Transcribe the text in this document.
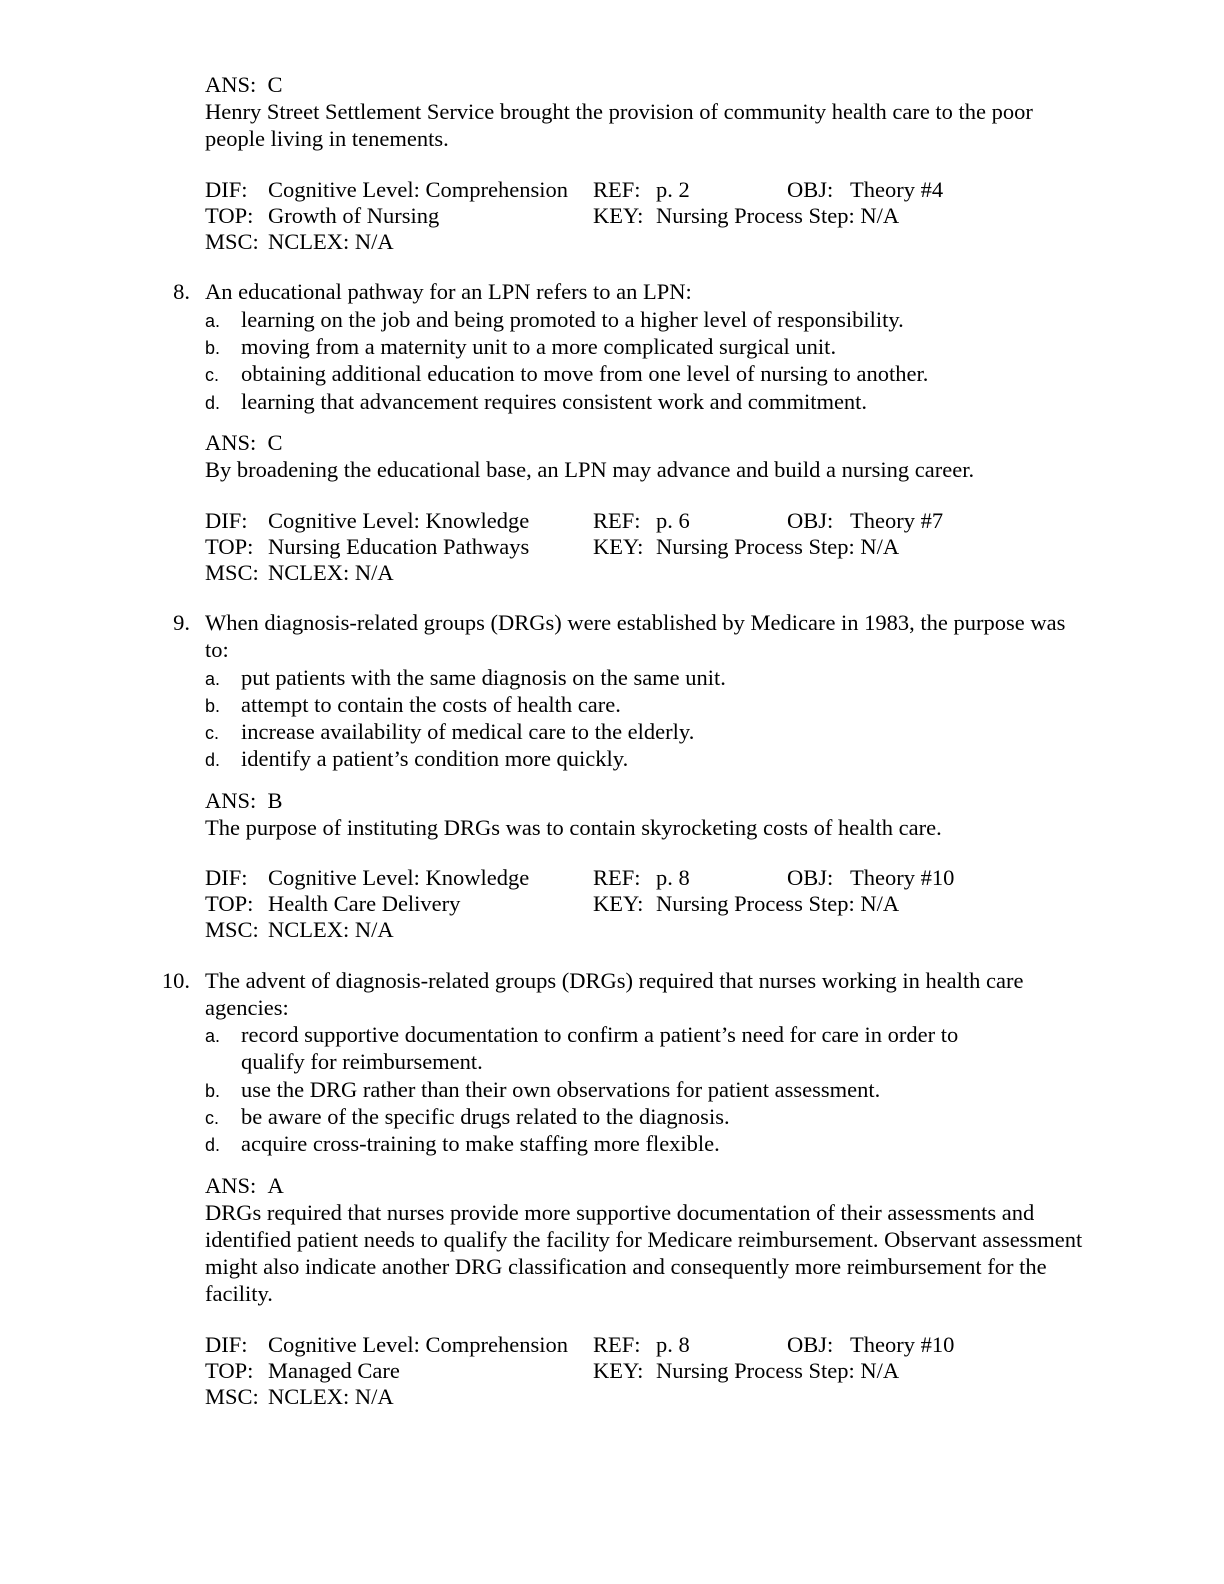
ANS: C
Henry Street Settlement Service brought the provision of community health care to the poor people living in tenements.
DIF: Cognitive Level: Comprehension REF: p. 2	OBJ: Theory #4
TOP: Growth of Nursing	KEY: Nursing Process Step: N/A
MSC: NCLEX: N/A
8. An educational pathway for an LPN refers to an LPN:
a. learning on the job and being promoted to a higher level of responsibility.
b. moving from a maternity unit to a more complicated surgical unit.
c. obtaining additional education to move from one level of nursing to another.
d. learning that advancement requires consistent work and commitment.
ANS: C
By broadening the educational base, an LPN may advance and build a nursing career.
DIF: Cognitive Level: Knowledge	REF: p. 6	OBJ: Theory #7
TOP: Nursing Education Pathways	KEY: Nursing Process Step: N/A
MSC: NCLEX: N/A
9. When diagnosis-related groups (DRGs) were established by Medicare in 1983, the purpose was to:
a. put patients with the same diagnosis on the same unit.
b. attempt to contain the costs of health care.
c. increase availability of medical care to the elderly.
d. identify a patient’s condition more quickly.
ANS: B
The purpose of instituting DRGs was to contain skyrocketing costs of health care.
DIF: Cognitive Level: Knowledge	REF: p. 8	OBJ: Theory #10
TOP: Health Care Delivery	KEY: Nursing Process Step: N/A
MSC: NCLEX: N/A
10. The advent of diagnosis-related groups (DRGs) required that nurses working in health care agencies:
a. record supportive documentation to confirm a patient’s need for care in order to qualify for reimbursement.
b. use the DRG rather than their own observations for patient assessment.
c. be aware of the specific drugs related to the diagnosis.
d. acquire cross-training to make staffing more flexible.
ANS: A
DRGs required that nurses provide more supportive documentation of their assessments and identified patient needs to qualify the facility for Medicare reimbursement. Observant assessment might also indicate another DRG classification and consequently more reimbursement for the facility.
DIF: Cognitive Level: Comprehension REF: p. 8	OBJ: Theory #10
TOP: Managed Care	KEY: Nursing Process Step: N/A
MSC: NCLEX: N/A
